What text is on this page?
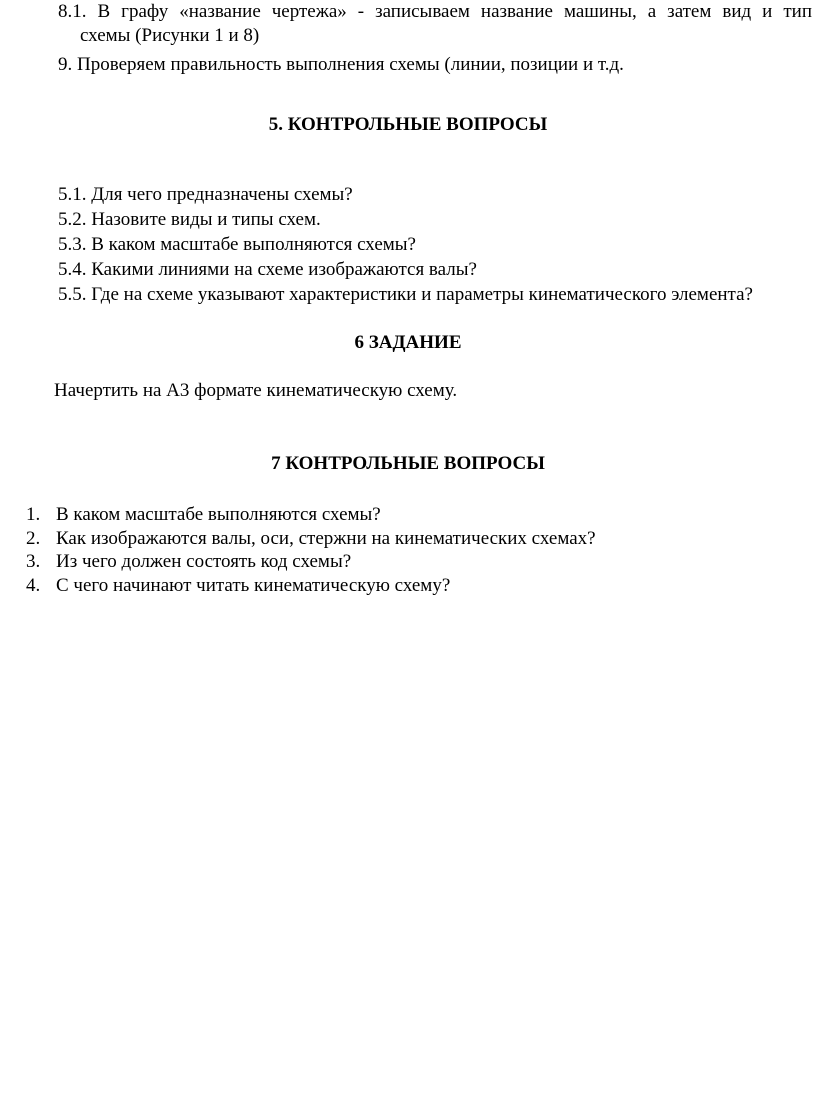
8.1. В графу «название чертежа» - записываем название машины, а затем вид и тип
схемы (Рисунки 1 и 8)
9. Проверяем правильность выполнения схемы (линии, позиции и т.д.
5. КОНТРОЛЬНЫЕ ВОПРОСЫ
5.1. Для чего предназначены схемы?
5.2. Назовите виды и типы схем.
5.3. В каком масштабе выполняются схемы?
5.4. Какими линиями на схеме изображаются валы?
5.5. Где на схеме указывают характеристики и параметры кинематического элемента?
6 ЗАДАНИЕ
Начертить на А3 формате кинематическую схему.
7 КОНТРОЛЬНЫЕ ВОПРОСЫ
1. В каком масштабе выполняются схемы?
2. Как изображаются валы, оси, стержни на кинематических схемах?
3. Из чего должен состоять код схемы?
4. С чего начинают читать кинематическую схему?
